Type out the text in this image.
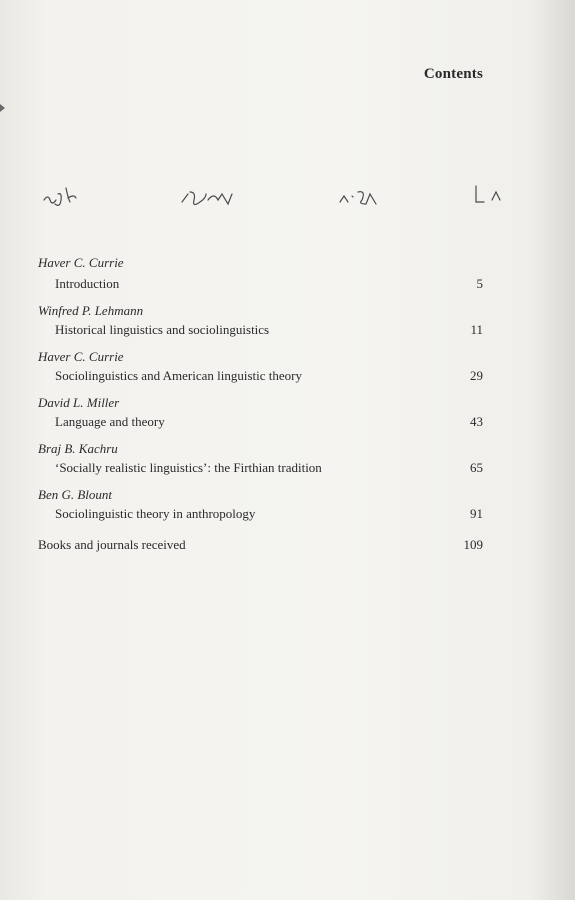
Contents
Haver C. Currie
Introduction	5
Winfred P. Lehmann
Historical linguistics and sociolinguistics	11
Haver C. Currie
Sociolinguistics and American linguistic theory	29
David L. Miller
Language and theory	43
Braj B. Kachru
‘Socially realistic linguistics’: the Firthian tradition	65
Ben G. Blount
Sociolinguistic theory in anthropology	91
Books and journals received	109
